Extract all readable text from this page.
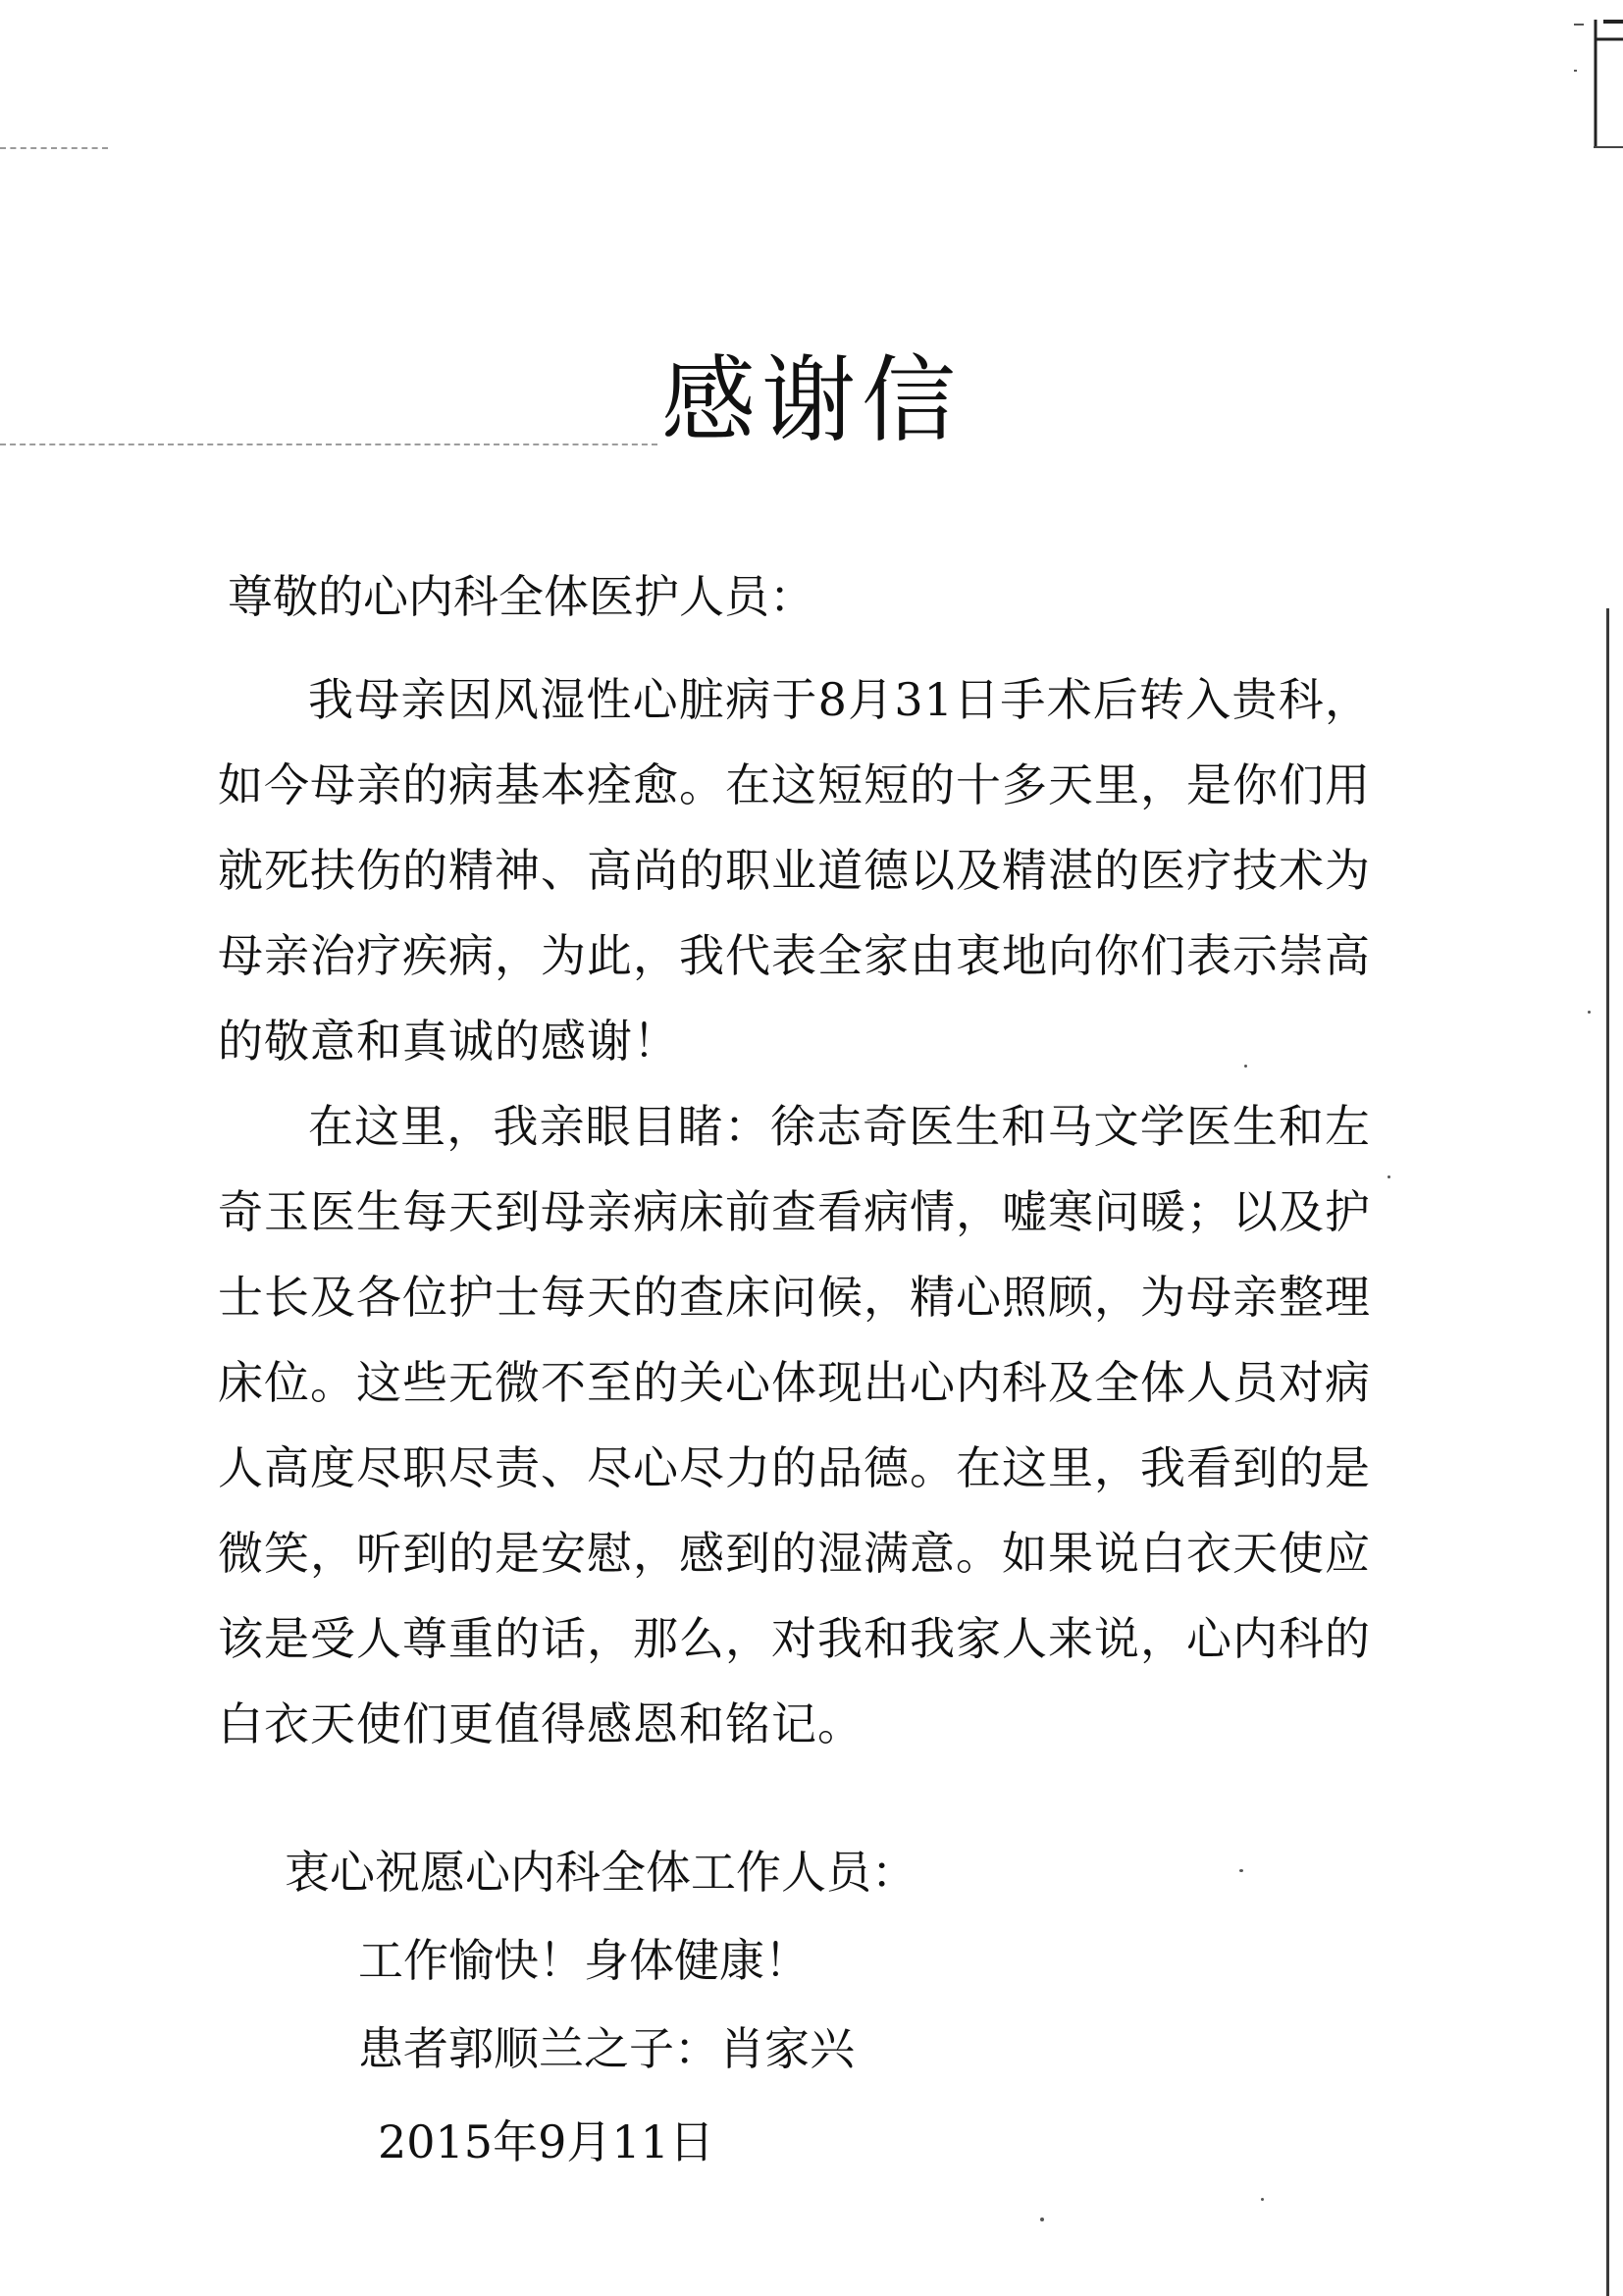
感谢信

尊敬的心内科全体医护人员：

我母亲因风湿性心脏病于8月31日手术后转入贵科，如今母亲的病基本痊愈。在这短短的十多天里，是你们用就死扶伤的精神、高尚的职业道德以及精湛的医疗技术为母亲治疗疾病，为此，我代表全家由衷地向你们表示崇高的敬意和真诚的感谢！

在这里，我亲眼目睹：徐志奇医生和马文学医生和左奇玉医生每天到母亲病床前查看病情，嘘寒问暖；以及护士长及各位护士每天的查床问候，精心照顾，为母亲整理床位。这些无微不至的关心体现出心内科及全体人员对病人高度尽职尽责、尽心尽力的品德。在这里，我看到的是微笑，听到的是安慰，感到的湿满意。如果说白衣天使应该是受人尊重的话，那么，对我和我家人来说，心内科的白衣天使们更值得感恩和铭记。

衷心祝愿心内科全体工作人员：

工作愉快！身体健康！

患者郭顺兰之子：肖家兴

2015年9月11日
